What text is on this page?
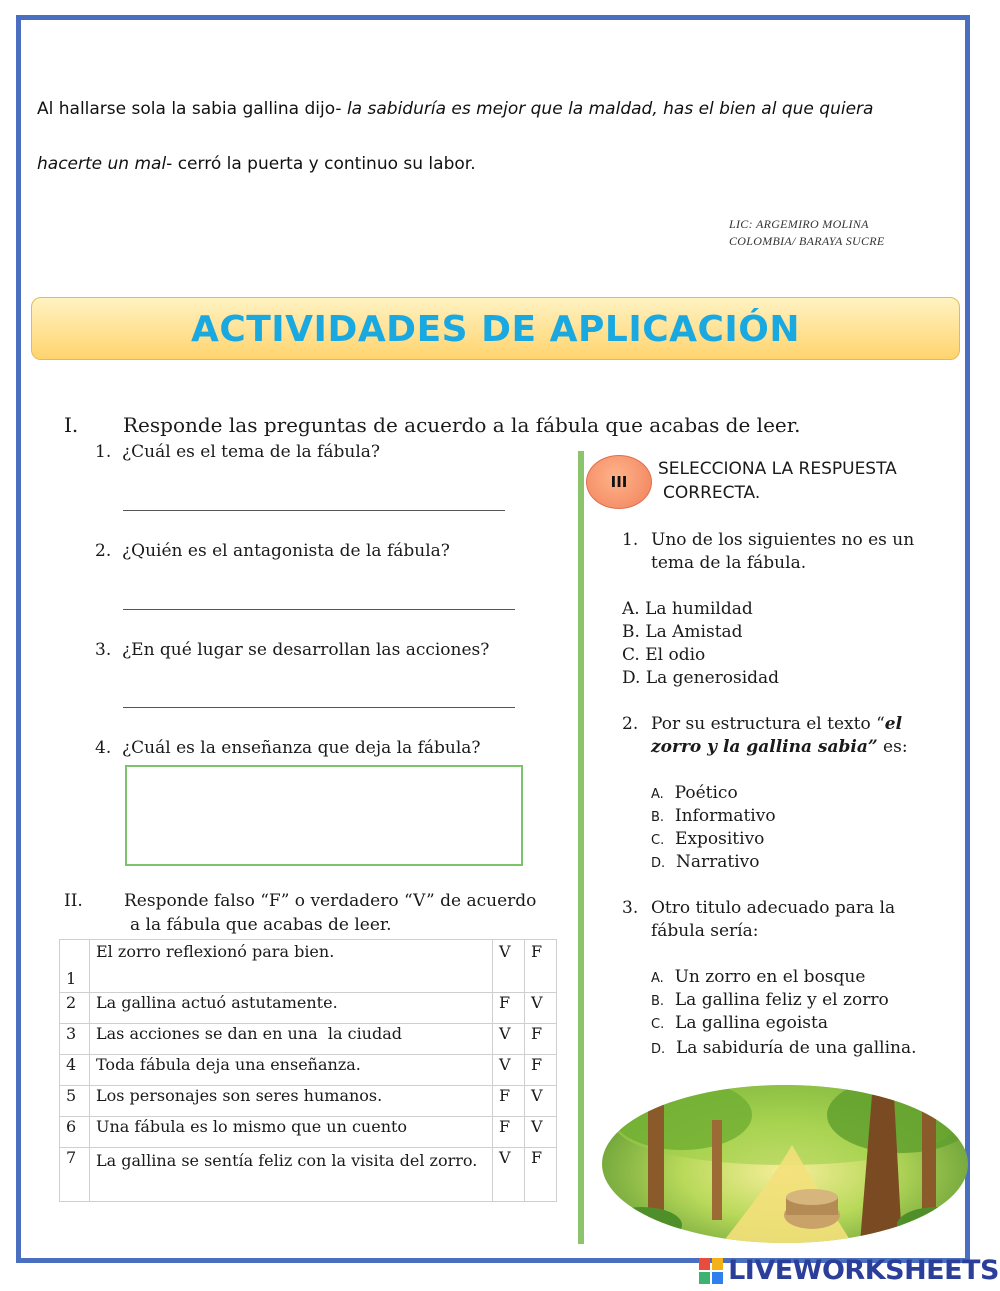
Al hallarse sola la sabia gallina dijo- la sabiduría es mejor que la maldad, has el bien al que quiera
hacerte un mal- cerró la puerta y continuo su labor.
LIC: ARGEMIRO MOLINA
COLOMBIA/ BARAYA SUCRE
ACTIVIDADES DE APLICACIÓN
I. Responde las preguntas de acuerdo a la fábula que acabas de leer.
1. ¿Cuál es el tema de la fábula?
2. ¿Quién es el antagonista de la fábula?
3. ¿En qué lugar se desarrollan las acciones?
4. ¿Cuál es la enseñanza que deja la fábula?
II. Responde falso “F” o verdadero “V” de acuerdo
a la fábula que acabas de leer.
1	El zorro reflexionó para bien.	V	F
2	La gallina actuó astutamente.	F	V
3	Las acciones se dan en una  la ciudad	V	F
4	Toda fábula deja una enseñanza.	V	F
5	Los personajes son seres humanos.	F	V
6	Una fábula es lo mismo que un cuento	F	V
7	La gallina se sentía feliz con la visita del zorro.	V	F
III
SELECCIONA LA RESPUESTA
CORRECTA.
1. Uno de los siguientes no es un
tema de la fábula.
A. La humildad
B. La Amistad
C. El odio
D. La generosidad
2. Por su estructura el texto “el
zorro y la gallina sabia” es:
A. Poético
B. Informativo
C. Expositivo
D. Narrativo
3. Otro titulo adecuado para la
fábula sería:
A. Un zorro en el bosque
B. La gallina feliz y el zorro
C. La gallina egoista
D. La sabiduría de una gallina.
LIVEWORKSHEETS
